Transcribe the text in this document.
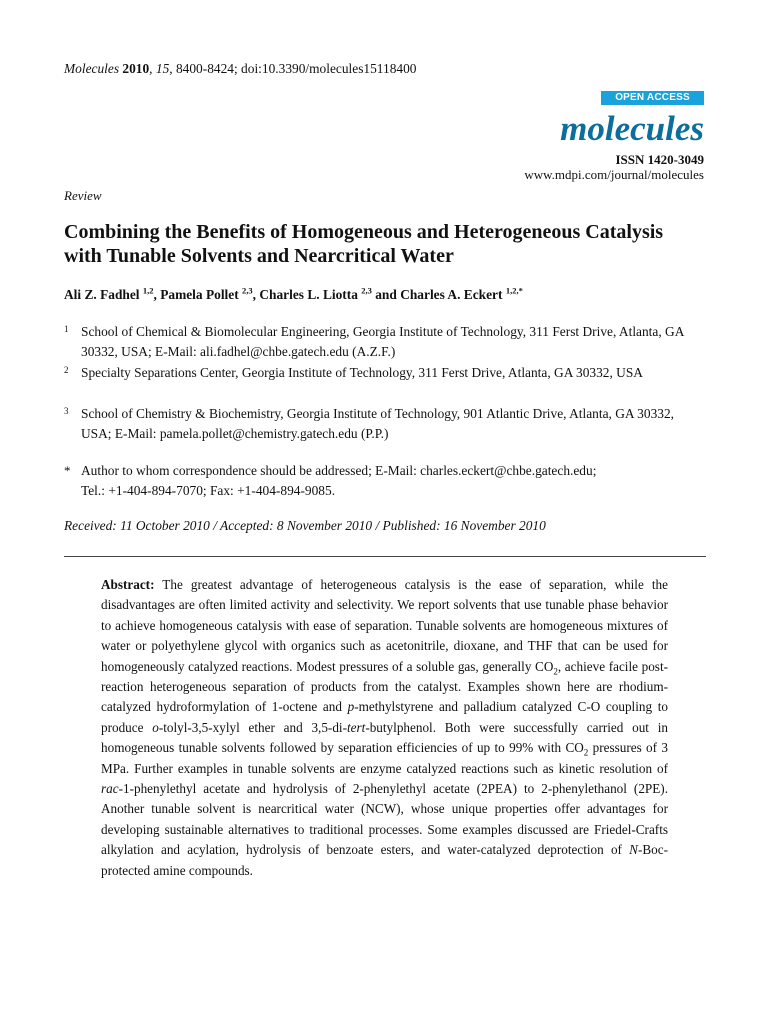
Molecules 2010, 15, 8400-8424; doi:10.3390/molecules15118400
OPEN ACCESS
molecules
ISSN 1420-3049
www.mdpi.com/journal/molecules
Review
Combining the Benefits of Homogeneous and Heterogeneous Catalysis with Tunable Solvents and Nearcritical Water
Ali Z. Fadhel $^{1,2}$, Pamela Pollet $^{2,3}$, Charles L. Liotta $^{2,3}$ and Charles A. Eckert $^{1,2,*}$
1 School of Chemical & Biomolecular Engineering, Georgia Institute of Technology, 311 Ferst Drive, Atlanta, GA 30332, USA; E-Mail: ali.fadhel@chbe.gatech.edu (A.Z.F.)
2 Specialty Separations Center, Georgia Institute of Technology, 311 Ferst Drive, Atlanta, GA 30332, USA
3 School of Chemistry & Biochemistry, Georgia Institute of Technology, 901 Atlantic Drive, Atlanta, GA 30332, USA; E-Mail: pamela.pollet@chemistry.gatech.edu (P.P.)
* Author to whom correspondence should be addressed; E-Mail: charles.eckert@chbe.gatech.edu;
Tel.: +1-404-894-7070; Fax: +1-404-894-9085.
Received: 11 October 2010 / Accepted: 8 November 2010 / Published: 16 November 2010
Abstract: The greatest advantage of heterogeneous catalysis is the ease of separation, while the disadvantages are often limited activity and selectivity. We report solvents that use tunable phase behavior to achieve homogeneous catalysis with ease of separation. Tunable solvents are homogeneous mixtures of water or polyethylene glycol with organics such as acetonitrile, dioxane, and THF that can be used for homogeneously catalyzed reactions. Modest pressures of a soluble gas, generally $CO_2$, achieve facile post-reaction heterogeneous separation of products from the catalyst. Examples shown here are rhodium-catalyzed hydroformylation of 1-octene and p-methylstyrene and palladium catalyzed C-O coupling to produce o-tolyl-3,5-xylyl ether and 3,5-di-tert-butylphenol. Both were successfully carried out in homogeneous tunable solvents followed by separation efficiencies of up to 99% with $CO_2$ pressures of 3 MPa. Further examples in tunable solvents are enzyme catalyzed reactions such as kinetic resolution of rac-1-phenylethyl acetate and hydrolysis of 2-phenylethyl acetate (2PEA) to 2-phenylethanol (2PE). Another tunable solvent is nearcritical water (NCW), whose unique properties offer advantages for developing sustainable alternatives to traditional processes. Some examples discussed are Friedel-Crafts alkylation and acylation, hydrolysis of benzoate esters, and water-catalyzed deprotection of N-Boc-protected amine compounds.
